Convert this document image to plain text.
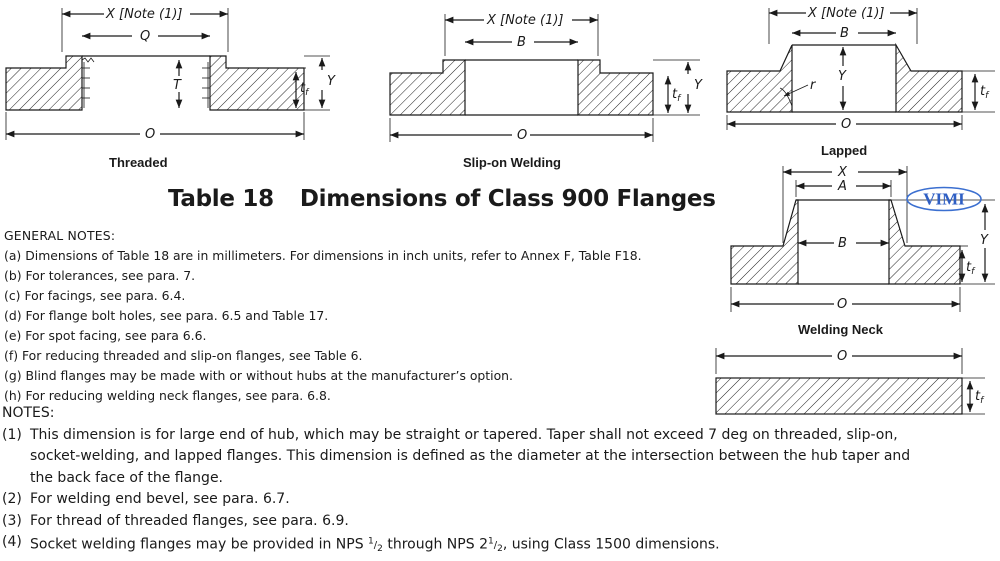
X [Note (1)]
Q
T	$t_f$
Y
O
Threaded
X [Note (1)]
B
$t_f$
Y
O
Slip-on Welding
X [Note (1)]
B
r
Y
$t_f$
O
Lapped
X
A
B	Y
$t_f$
O
Welding Neck
O
$t_f$
VIMI
Table 18 Dimensions of Class 900 Flanges
GENERAL NOTES:
(a) Dimensions of Table 18 are in millimeters. For dimensions in inch units, refer to Annex F, Table F18.
(b) For tolerances, see para. 7.
(c) For facings, see para. 6.4.
(d) For flange bolt holes, see para. 6.5 and Table 17.
(e) For spot facing, see para 6.6.
(f) For reducing threaded and slip-on flanges, see Table 6.
(g) Blind flanges may be made with or without hubs at the manufacturer’s option.
(h) For reducing welding neck flanges, see para. 6.8.
NOTES:
(1) This dimension is for large end of hub, which may be straight or tapered. Taper shall not exceed 7 deg on threaded, slip-on, socket-welding, and lapped flanges. This dimension is defined as the diameter at the intersection between the hub taper and the back face of the flange.
(2) For welding end bevel, see para. 6.7.
(3) For thread of threaded flanges, see para. 6.9.
(4) Socket welding flanges may be provided in NPS $^1/_2$ through NPS $2^1/_2$, using Class 1500 dimensions.
